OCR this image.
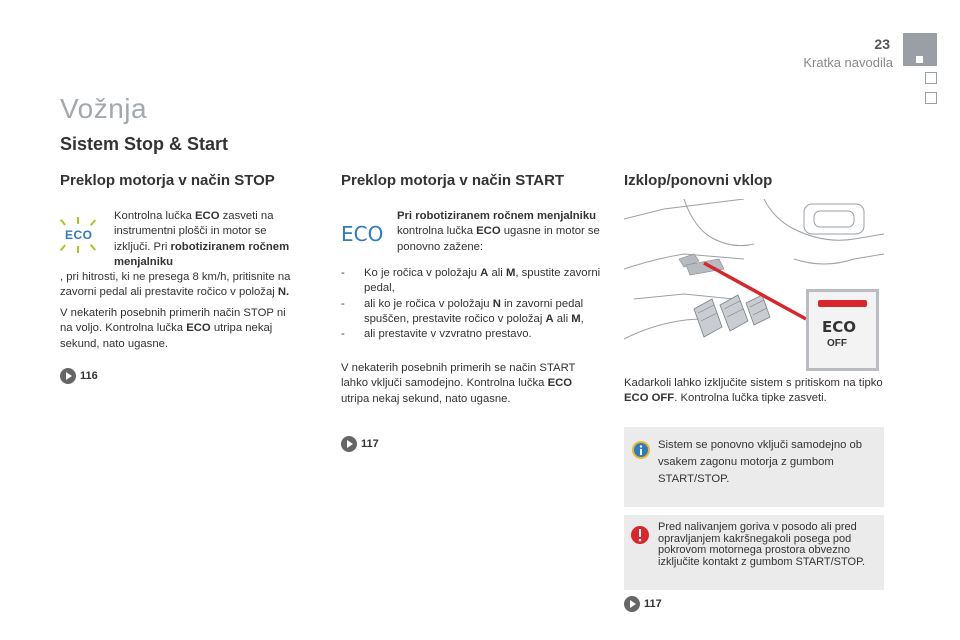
23
Kratka navodila
Vožnja
Sistem Stop & Start
Preklop motorja v način STOP
ECO
Kontrolna lučka ECO zasveti na instrumentni plošči in motor se izključi. Pri robotiziranem ročnem menjalniku
, pri hitrosti, ki ne presega 8 km/h, pritisnite na zavorni pedal ali prestavite ročico v položaj N.
V nekaterih posebnih primerih način STOP ni na voljo. Kontrolna lučka ECO utripa nekaj sekund, nato ugasne.
116
Preklop motorja v način START
ECO
Pri robotiziranem ročnem menjalniku kontrolna lučka ECO ugasne in motor se ponovno zažene:
- Ko je ročica v položaju A ali M, spustite zavorni pedal,
- ali ko je ročica v položaju N in zavorni pedal spuščen, prestavite ročico v položaj A ali M,
- ali prestavite v vzvratno prestavo.
V nekaterih posebnih primerih se način START lahko vključi samodejno. Kontrolna lučka ECO utripa nekaj sekund, nato ugasne.
117
Izklop/ponovni vklop
ECO
OFF
Kadarkoli lahko izključite sistem s pritiskom na tipko ECO OFF. Kontrolna lučka tipke zasveti.
Sistem se ponovno vključi samodejno ob vsakem zagonu motorja z gumbom START/STOP.
Pred nalivanjem goriva v posodo ali pred opravljanjem kakršnegakoli posega pod pokrovom motornega prostora obvezno izključite kontakt z gumbom START/STOP.
117
